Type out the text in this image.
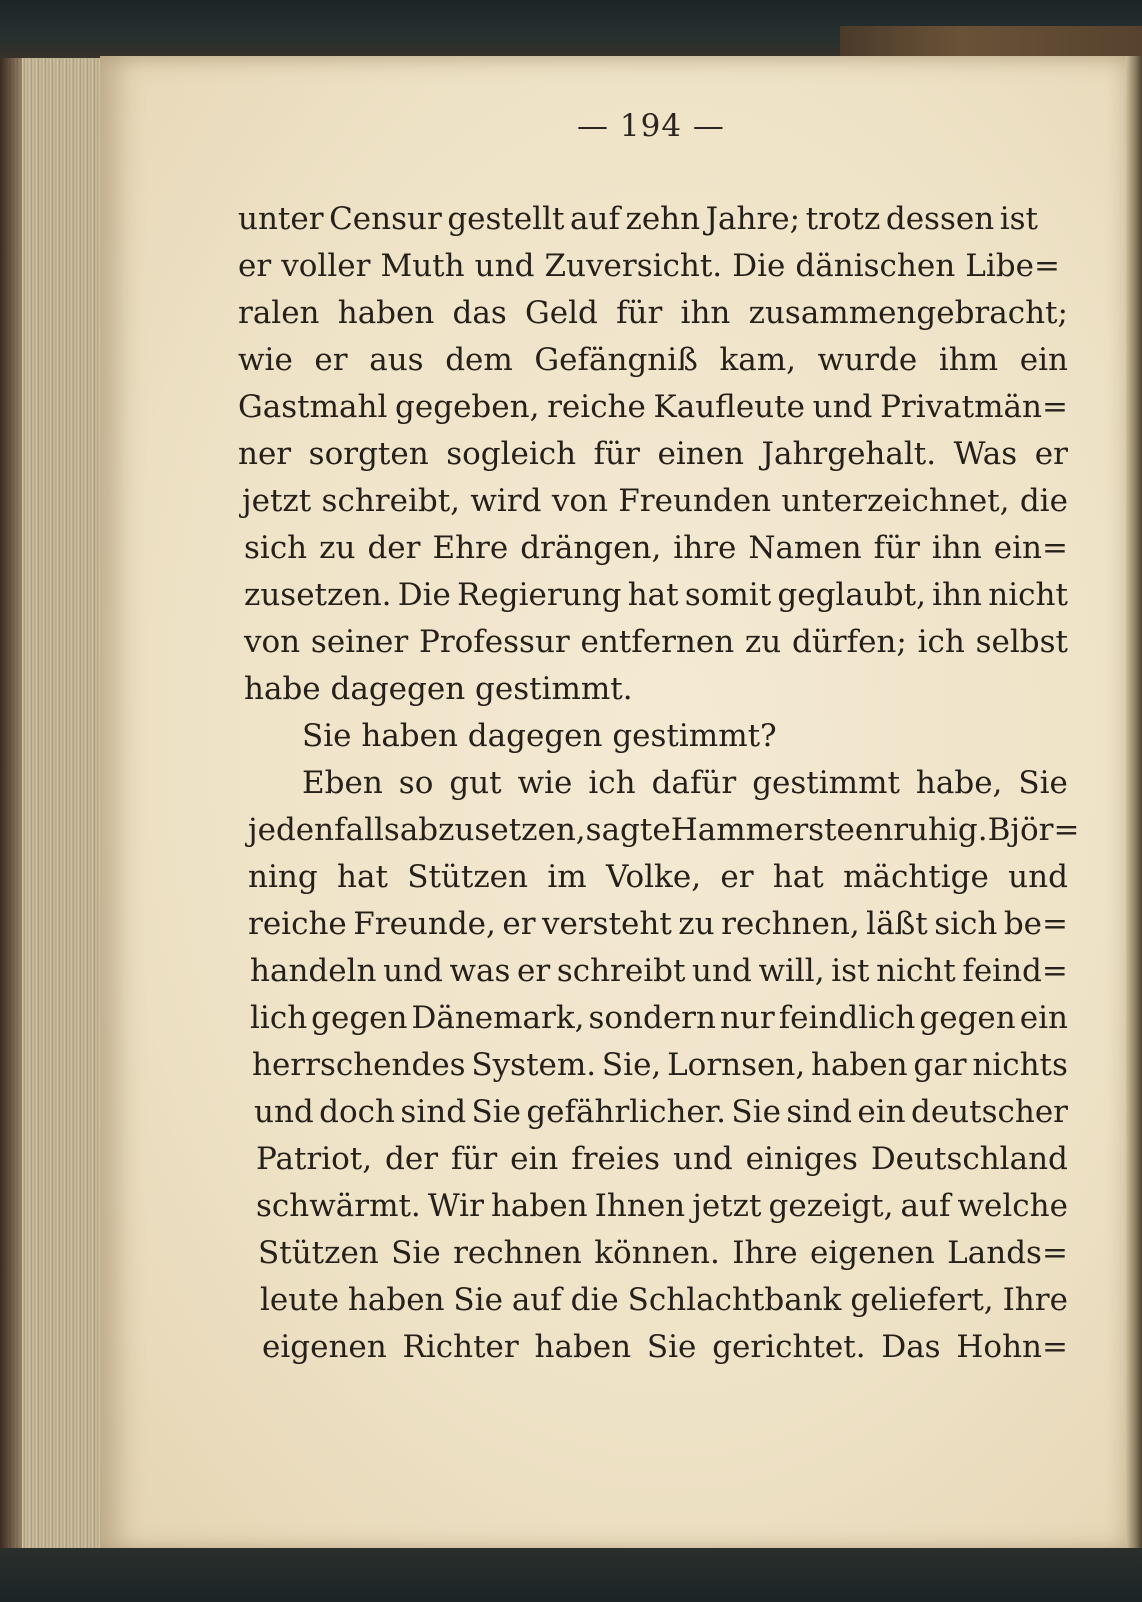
— 194 —
unter Censur gestellt auf zehn Jahre; trotz dessen ist
er voller Muth und Zuversicht. Die dänischen Libe=
ralen haben das Geld für ihn zusammengebracht;
wie er aus dem Gefängniß kam, wurde ihm ein
Gastmahl gegeben, reiche Kaufleute und Privatmän=
ner sorgten sogleich für einen Jahrgehalt. Was er
jetzt schreibt, wird von Freunden unterzeichnet, die
sich zu der Ehre drängen, ihre Namen für ihn ein=
zusetzen. Die Regierung hat somit geglaubt, ihn nicht
von seiner Professur entfernen zu dürfen; ich selbst
habe dagegen gestimmt.
Sie haben dagegen gestimmt?
Eben so gut wie ich dafür gestimmt habe, Sie
jedenfalls abzusetzen, sagte Hammersteen ruhig. Björ=
ning hat Stützen im Volke, er hat mächtige und
reiche Freunde, er versteht zu rechnen, läßt sich be=
handeln und was er schreibt und will, ist nicht feind=
lich gegen Dänemark, sondern nur feindlich gegen ein
herrschendes System. Sie, Lornsen, haben gar nichts
und doch sind Sie gefährlicher. Sie sind ein deutscher
Patriot, der für ein freies und einiges Deutschland
schwärmt. Wir haben Ihnen jetzt gezeigt, auf welche
Stützen Sie rechnen können. Ihre eigenen Lands=
leute haben Sie auf die Schlachtbank geliefert, Ihre
eigenen Richter haben Sie gerichtet. Das Hohn=
